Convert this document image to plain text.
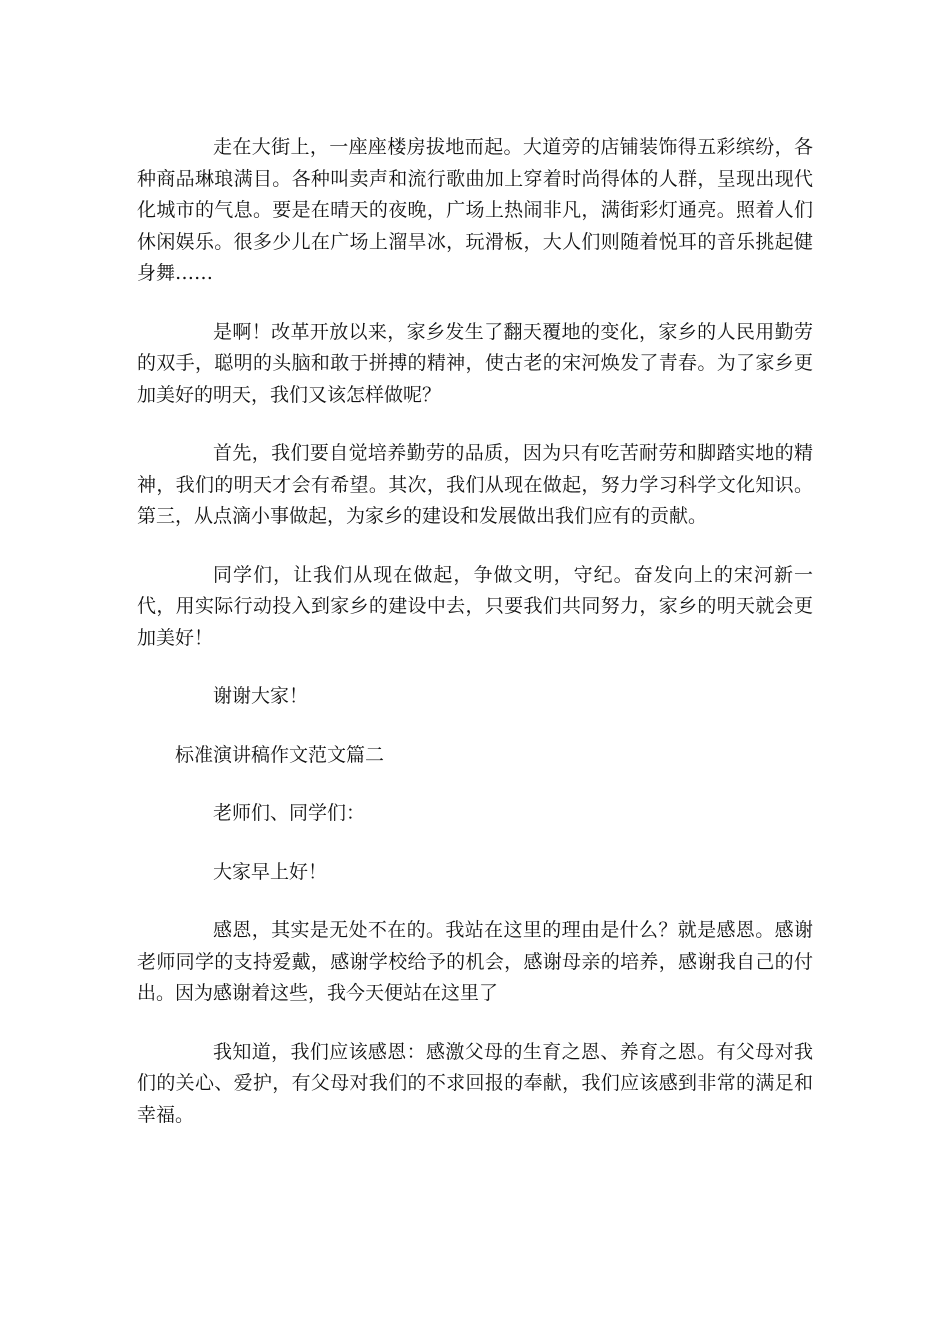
走在大街上，一座座楼房拔地而起。大道旁的店铺装饰得五彩缤纷，各种商品琳琅满目。各种叫卖声和流行歌曲加上穿着时尚得体的人群，呈现出现代化城市的气息。要是在晴天的夜晚，广场上热闹非凡，满街彩灯通亮。照着人们休闲娱乐。很多少儿在广场上溜旱冰，玩滑板，大人们则随着悦耳的音乐挑起健身舞……

是啊！改革开放以来，家乡发生了翻天覆地的变化，家乡的人民用勤劳的双手，聪明的头脑和敢于拼搏的精神，使古老的宋河焕发了青春。为了家乡更加美好的明天，我们又该怎样做呢？

首先，我们要自觉培养勤劳的品质，因为只有吃苦耐劳和脚踏实地的精神，我们的明天才会有希望。其次，我们从现在做起，努力学习科学文化知识。第三，从点滴小事做起，为家乡的建设和发展做出我们应有的贡献。

同学们，让我们从现在做起，争做文明，守纪。奋发向上的宋河新一代，用实际行动投入到家乡的建设中去，只要我们共同努力，家乡的明天就会更加美好！

谢谢大家！

标准演讲稿作文范文篇二

老师们、同学们：

大家早上好！

感恩，其实是无处不在的。我站在这里的理由是什么？就是感恩。感谢老师同学的支持爱戴，感谢学校给予的机会，感谢母亲的培养，感谢我自己的付出。因为感谢着这些，我今天便站在这里了

我知道，我们应该感恩：感激父母的生育之恩、养育之恩。有父母对我们的关心、爱护，有父母对我们的不求回报的奉献，我们应该感到非常的满足和幸福。
